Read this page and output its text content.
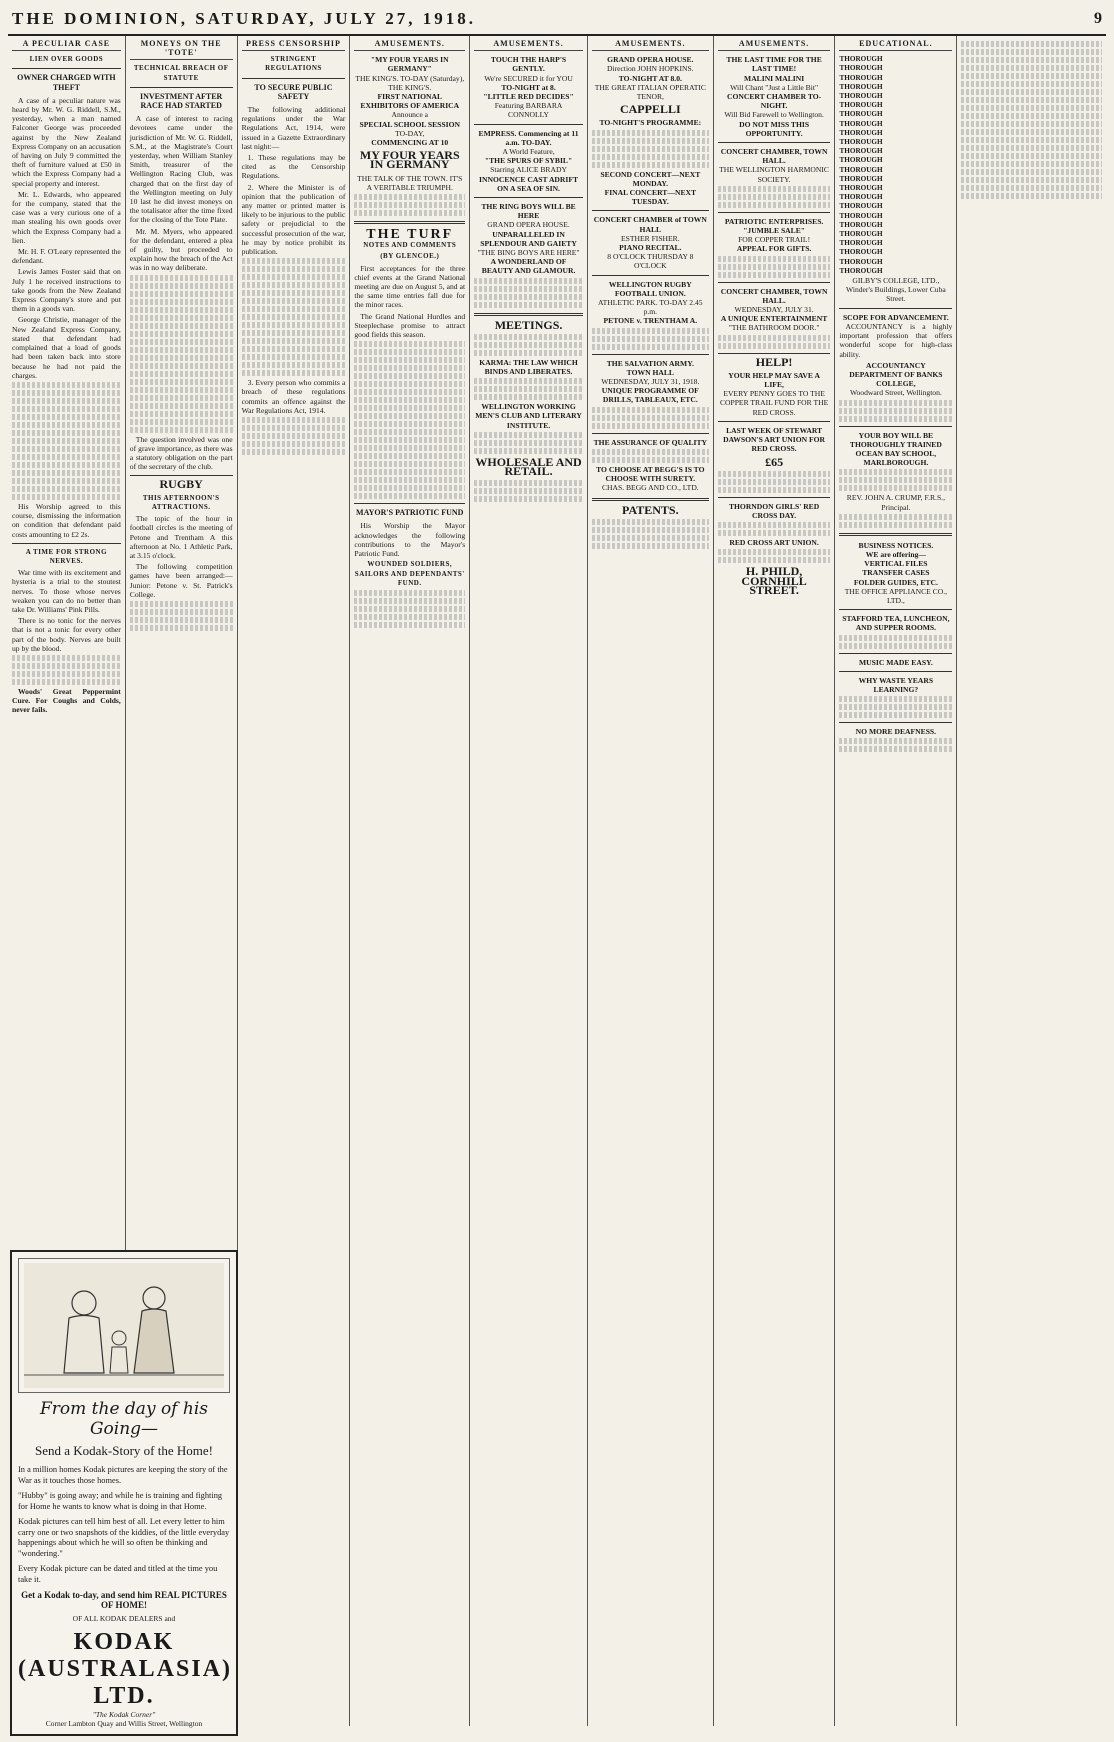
THE DOMINION, SATURDAY, JULY 27, 1918.	9
A PECULIAR CASE
LIEN OVER GOODS
OWNER CHARGED WITH THEFT

A case of a peculiar nature was heard by Mr. W. G. Riddell, S.M., yesterday, when a man named Falconer George was proceeded against by the New Zealand Express Company on an accusation of having on July 9 committed the theft of furniture valued at £50 in which the Express Company had a special property and interest.

Mr. L. Edwards, who appeared for the company, stated that the case was a very curious one of a man stealing his own goods over which the Express Company had a lien.

Mr. H. F. O'Leary represented the defendant.

Lewis James Foster said that on July 1 he received instructions to take goods from the New Zealand Express Company's store and put them in a goods van.

George Christie, manager of the New Zealand Express Company, stated that defendant had complained that a load of goods had been taken back into store because he had not paid the charges.

His Worship agreed to this course, dismissing the information on condition that defendant paid costs amounting to £2 2s.

A TIME FOR STRONG NERVES.

War time with its excitement and hysteria is a trial to the stoutest nerves. To those whose nerves weaken you can do no better than take Dr. Williams' Pink Pills.

There is no tonic for the nerves that is not a tonic for every other part of the body. Nerves are built up by the blood.

Woods' Great Peppermint Cure. For Coughs and Colds, never fails.

MONEYS ON THE 'TOTE'
TECHNICAL BREACH OF STATUTE
INVESTMENT AFTER RACE HAD STARTED

A case of interest to racing devotees came under the jurisdiction of Mr. W. G. Riddell, S.M., at the Magistrate's Court yesterday, when William Stanley Smith, treasurer of the Wellington Racing Club, was charged that on the first day of the Wellington meeting on July 10 last he did invest moneys on the totalisator after the time fixed for the closing of the Tote Plate.

Mr. M. Myers, who appeared for the defendant, entered a plea of guilty, but proceeded to explain how the breach of the Act was in no way deliberate.

The question involved was one of grave importance, as there was a statutory obligation on the part of the secretary of the club.

RUGBY
THIS AFTERNOON'S ATTRACTIONS.

The topic of the hour in football circles is the meeting of Petone and Trentham A this afternoon at No. 1 Athletic Park, at 3.15 o'clock.

The following competition games have been arranged:—Junior: Petone v. St. Patrick's College.

PRESS CENSORSHIP
STRINGENT REGULATIONS
TO SECURE PUBLIC SAFETY

The following additional regulations under the War Regulations Act, 1914, were issued in a Gazette Extraordinary last night:—

1. These regulations may be cited as the Censorship Regulations.

2. Where the Minister is of opinion that the publication of any matter or printed matter is likely to be injurious to the public safety or prejudicial to the successful prosecution of the war, he may by notice prohibit its publication.

3. Every person who commits a breach of these regulations commits an offence against the War Regulations Act, 1914.

AMUSEMENTS.
"MY FOUR YEARS IN GERMANY"
THE KING'S. TO-DAY (Saturday), THE KING'S.
FIRST NATIONAL EXHIBITORS OF AMERICA
Announce a
SPECIAL SCHOOL SESSION
TO-DAY,
COMMENCING AT 10
MY FOUR YEARS IN GERMANY
THE TALK OF THE TOWN. IT'S A VERITABLE TRIUMPH.
THE TURF
NOTES AND COMMENTS
(BY GLENCOE.)

First acceptances for the three chief events at the Grand National meeting are due on August 5, and at the same time entries fall due for the minor races.

The Grand National Hurdles and Steeplechase promise to attract good fields this season.

MAYOR'S PATRIOTIC FUND

His Worship the Mayor acknowledges the following contributions to the Mayor's Patriotic Fund.

WOUNDED SOLDIERS, SAILORS AND DEPENDANTS' FUND.
AMUSEMENTS.
TOUCH THE HARP'S GENTLY.
We're SECURED it for YOU
TO-NIGHT at 8.
"LITTLE RED DECIDES"
Featuring BARBARA CONNOLLY
EMPRESS. Commencing at 11 a.m. TO-DAY.
A World Feature,
"THE SPURS OF SYBIL"
Starring ALICE BRADY
INNOCENCE CAST ADRIFT ON A SEA OF SIN.
THE RING BOYS WILL BE HERE
GRAND OPERA HOUSE.
UNPARALLELED IN SPLENDOUR AND GAIETY
"THE BING BOYS ARE HERE"
A WONDERLAND OF BEAUTY AND GLAMOUR.
MEETINGS.
KARMA: THE LAW WHICH BINDS AND LIBERATES.
WELLINGTON WORKING MEN'S CLUB AND LITERARY INSTITUTE.
WHOLESALE AND RETAIL.
AMUSEMENTS.
GRAND OPERA HOUSE.
Direction JOHN HOPKINS.
TO-NIGHT AT 8.0.
THE GREAT ITALIAN OPERATIC TENOR,
CAPPELLI
TO-NIGHT'S PROGRAMME:
SECOND CONCERT—NEXT MONDAY.
FINAL CONCERT—NEXT TUESDAY.
CONCERT CHAMBER of TOWN HALL
ESTHER FISHER.
PIANO RECITAL.
8 O'CLOCK THURSDAY 8 O'CLOCK
WELLINGTON RUGBY FOOTBALL UNION.
ATHLETIC PARK. TO-DAY 2.45 p.m.
PETONE v. TRENTHAM A.
THE SALVATION ARMY.
TOWN HALL
WEDNESDAY, JULY 31, 1918.
UNIQUE PROGRAMME OF DRILLS, TABLEAUX, ETC.
THE ASSURANCE OF QUALITY
TO CHOOSE AT BEGG'S IS TO CHOOSE WITH SURETY.
CHAS. BEGG AND CO., LTD.
PATENTS.
AMUSEMENTS.
THE LAST TIME FOR THE LAST TIME!
MALINI MALINI
Will Chant "Just a Little Bit"
CONCERT CHAMBER TO-NIGHT.
Will Bid Farewell to Wellington.
DO NOT MISS THIS OPPORTUNITY.
CONCERT CHAMBER, TOWN HALL.
THE WELLINGTON HARMONIC SOCIETY.
PATRIOTIC ENTERPRISES.
"JUMBLE SALE"
FOR COPPER TRAIL!
APPEAL FOR GIFTS.
CONCERT CHAMBER, TOWN HALL.
WEDNESDAY, JULY 31.
A UNIQUE ENTERTAINMENT
"THE BATHROOM DOOR."
HELP!
YOUR HELP MAY SAVE A LIFE,
EVERY PENNY GOES TO THE COPPER TRAIL FUND FOR THE RED CROSS.
LAST WEEK OF STEWART DAWSON'S ART UNION FOR RED CROSS.
£65
THORNDON GIRLS' RED CROSS DAY.
RED CROSS ART UNION.
H. PHILD, CORNHILL STREET.
EDUCATIONAL.
THOROUGH
THOROUGH
THOROUGH
THOROUGH
THOROUGH
THOROUGH
THOROUGH
THOROUGH
THOROUGH
THOROUGH
THOROUGH
THOROUGH
THOROUGH
THOROUGH
THOROUGH
THOROUGH
THOROUGH
THOROUGH
THOROUGH
THOROUGH
THOROUGH
THOROUGH
THOROUGH
THOROUGH
GILBY'S COLLEGE, LTD., Winder's Buildings, Lower Cuba Street.
SCOPE FOR ADVANCEMENT.

ACCOUNTANCY is a highly important profession that offers wonderful scope for high-class ability.

ACCOUNTANCY DEPARTMENT OF BANKS COLLEGE,
Woodward Street, Wellington.
YOUR BOY WILL BE THOROUGHLY TRAINED
OCEAN BAY SCHOOL, MARLBOROUGH.
REV. JOHN A. CRUMP, F.R.S., Principal.
BUSINESS NOTICES.
WE are offering—
VERTICAL FILES
TRANSFER CASES
FOLDER GUIDES, ETC.
THE OFFICE APPLIANCE CO., LTD.,
STAFFORD TEA, LUNCHEON, AND SUPPER ROOMS.
MUSIC MADE EASY.
WHY WASTE YEARS LEARNING?
NO MORE DEAFNESS.
From the day of his Going—
Send a Kodak-Story of the Home!

In a million homes Kodak pictures are keeping the story of the War as it touches those homes.

"Hubby" is going away; and while he is training and fighting for Home he wants to know what is doing in that Home.

Kodak pictures can tell him best of all. Let every letter to him carry one or two snapshots of the kiddies, of the little everyday happenings about which he will so often be thinking and "wondering."

Every Kodak picture can be dated and titled at the time you take it.

Get a Kodak to-day, and send him REAL PICTURES OF HOME!
OF ALL KODAK DEALERS and
KODAK (AUSTRALASIA) LTD.
"The Kodak Corner"
Corner Lambton Quay and Willis Street, Wellington
